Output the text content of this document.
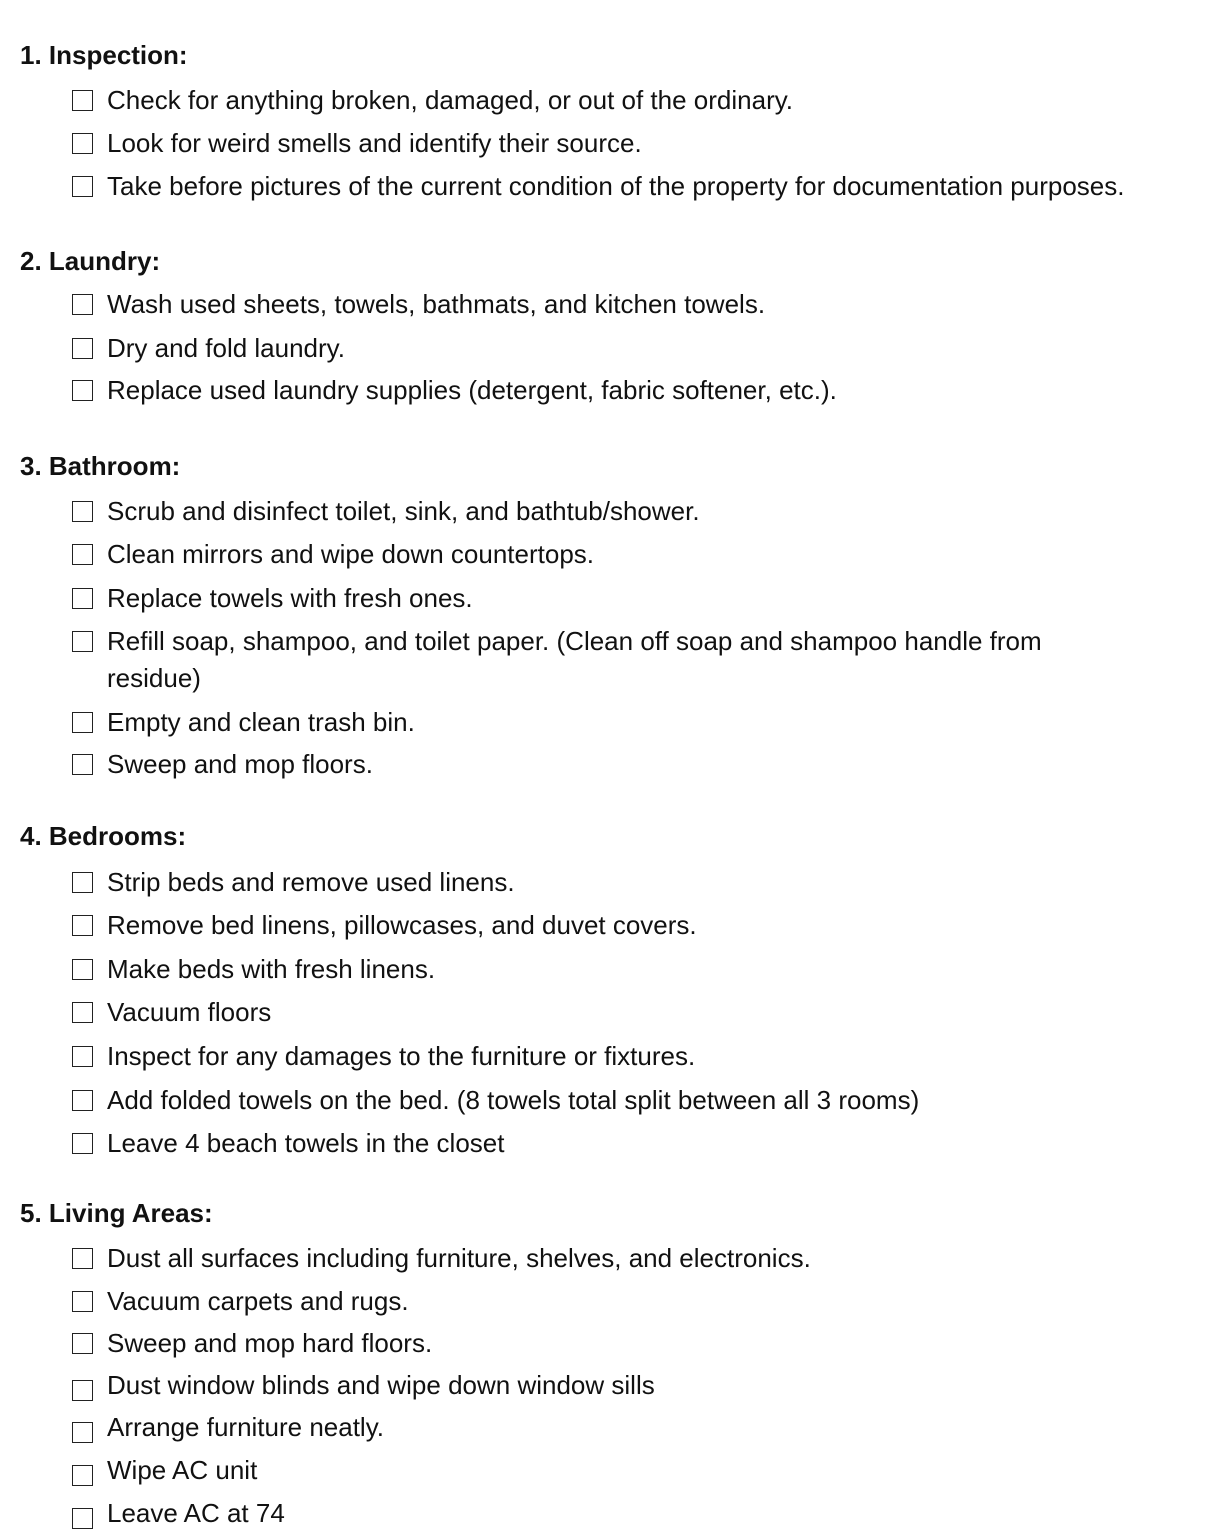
1. Inspection:
Check for anything broken, damaged, or out of the ordinary.
Look for weird smells and identify their source.
Take before pictures of the current condition of the property for documentation purposes.
2. Laundry:
Wash used sheets, towels, bathmats, and kitchen towels.
Dry and fold laundry.
Replace used laundry supplies (detergent, fabric softener, etc.).
3. Bathroom:
Scrub and disinfect toilet, sink, and bathtub/shower.
Clean mirrors and wipe down countertops.
Replace towels with fresh ones.
Refill soap, shampoo, and toilet paper. (Clean off soap and shampoo handle from residue)
Empty and clean trash bin.
Sweep and mop floors.
4. Bedrooms:
Strip beds and remove used linens.
Remove bed linens, pillowcases, and duvet covers.
Make beds with fresh linens.
Vacuum floors
Inspect for any damages to the furniture or fixtures.
Add folded towels on the bed. (8 towels total split between all 3 rooms)
Leave 4 beach towels in the closet
5. Living Areas:
Dust all surfaces including furniture, shelves, and electronics.
Vacuum carpets and rugs.
Sweep and mop hard floors.
Dust window blinds and wipe down window sills
Arrange furniture neatly.
Wipe AC unit
Leave AC at 74
